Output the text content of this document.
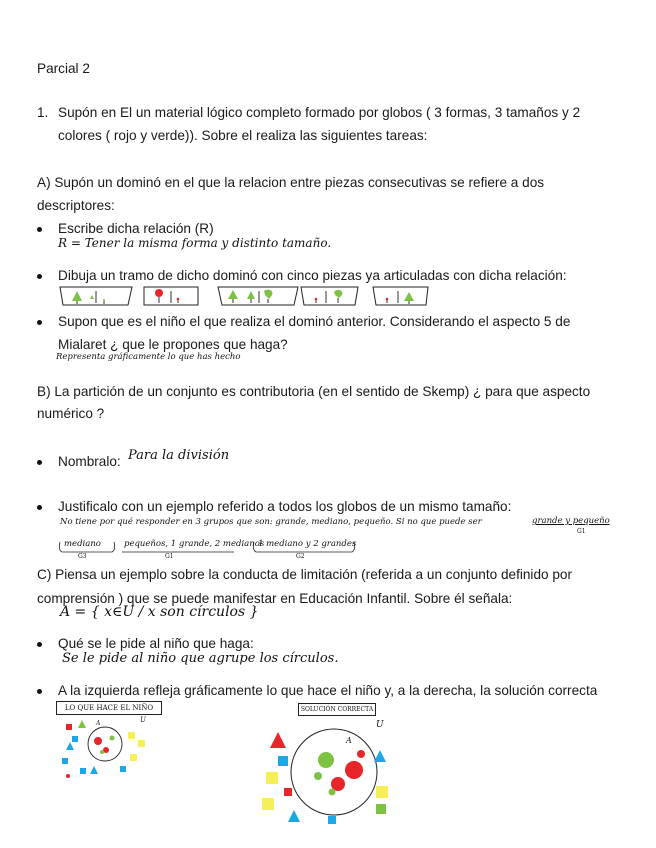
Parcial 2
1. Supón en El un material lógico completo formado por globos ( 3 formas, 3 tamaños y 2
colores ( rojo y verde)). Sobre el realiza las siguientes tareas:
A) Supón un dominó en el que la relacion entre piezas consecutivas se refiere a dos
descriptores:
Escribe dicha relación (R)
R = Tener la misma forma y distinto tamaño.
Dibuja un tramo de dicho dominó con cinco piezas ya articuladas con dicha relación:
Supon que es el niño el que realiza el dominó anterior. Considerando el aspecto 5 de
Mialaret ¿ que le propones que haga?
Representa gráficamente lo que has hecho
B) La partición de un conjunto es contributoria (en el sentido de Skemp) ¿ para que aspecto
numérico ?
Nombralo: Para la división
Justificalo con un ejemplo referido a todos los globos de un mismo tamaño:
No tiene por qué responder en 3 grupos que son: grande, mediano, pequeño. Si no que puede ser	grande y pequeño
G1
mediano	pequeños, 1 grande, 2 medianos
1 mediano y 2 grandes
G3	G1	G2
C) Piensa un ejemplo sobre la conducta de limitación (referida a un conjunto definido por
comprensión ) que se puede manifestar en Educación Infantil. Sobre él señala:
A = { x∈U / x son círculos }
Qué se le pide al niño que haga:
Se le pide al niño que agrupe los círculos.
A la izquierda refleja gráficamente lo que hace el niño y, a la derecha, la solución correcta
LO QUE HACE EL NIÑO	SOLUCIÓN CORRECTA
A	U
A
U
